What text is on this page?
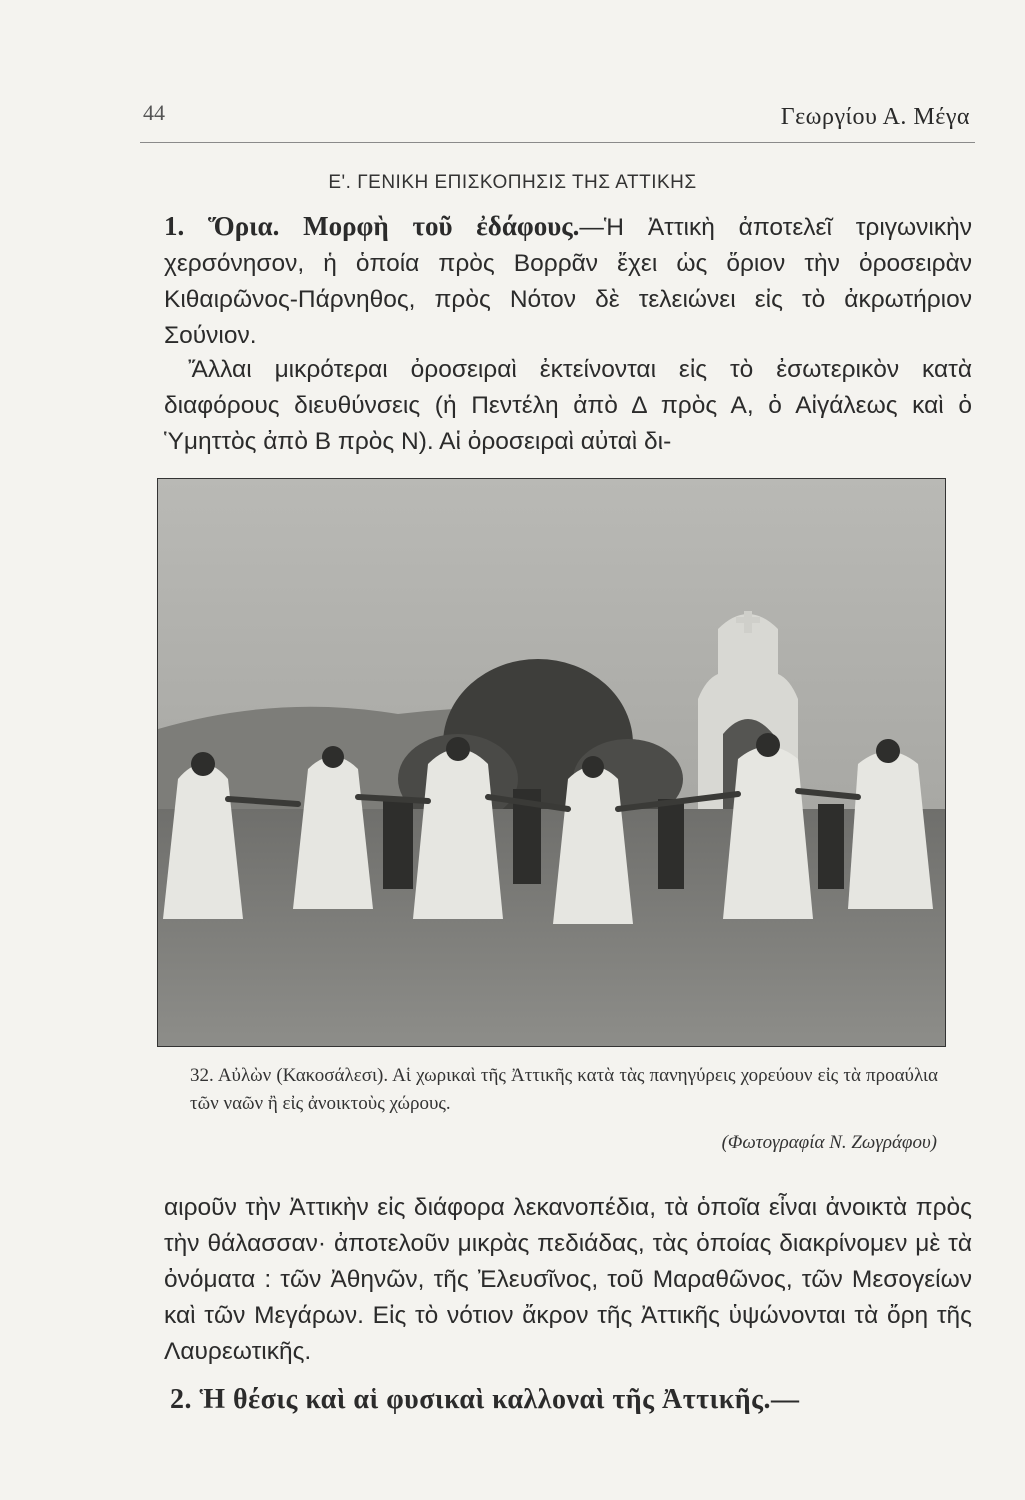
44	Γεωργίου Α. Μέγα
Ε'. ΓΕΝΙΚΗ ΕΠΙΣΚΟΠΗΣΙΣ ΤΗΣ ΑΤΤΙΚΗΣ
1. Ὅρια. Μορφὴ τοῦ ἐδάφους.—Ἡ Ἀττικὴ ἀποτελεῖ τριγωνικὴν χερσόνησον, ἡ ὁποία πρὸς Βορρᾶν ἔχει ὡς ὅριον τὴν ὀροσειρὰν Κιθαιρῶνος-Πάρνηθος, πρὸς Νότον δὲ τελειώνει εἰς τὸ ἀκρωτήριον Σούνιον.
Ἄλλαι μικρότεραι ὀροσειραὶ ἐκτείνονται εἰς τὸ ἐσωτερικὸν κατὰ διαφόρους διευθύνσεις (ἡ Πεντέλη ἀπὸ Δ πρὸς Α, ὁ Αἰγάλεως καὶ ὁ Ὑμηττὸς ἀπὸ Β πρὸς Ν). Αἱ ὀροσειραὶ αὐταὶ δι-
32. Αὐλὼν (Κακοσάλεσι). Αἱ χωρικαὶ τῆς Ἀττικῆς κατὰ τὰς πανηγύρεις χορεύουν εἰς τὰ προαύλια τῶν ναῶν ἢ εἰς ἀνοικτοὺς χώρους.
(Φωτογραφία Ν. Ζωγράφου)
αιροῦν τὴν Ἀττικὴν εἰς διάφορα λεκανοπέδια, τὰ ὁποῖα εἶναι ἀνοικτὰ πρὸς τὴν θάλασσαν· ἀποτελοῦν μικρὰς πεδιάδας, τὰς ὁποίας διακρίνομεν μὲ τὰ ὀνόματα : τῶν Ἀθηνῶν, τῆς Ἐλευσῖνος, τοῦ Μαραθῶνος, τῶν Μεσογείων καὶ τῶν Μεγάρων. Εἰς τὸ νότιον ἄκρον τῆς Ἀττικῆς ὑψώνονται τὰ ὄρη τῆς Λαυρεωτικῆς.
2. Ἡ θέσις καὶ αἱ φυσικαὶ καλλοναὶ τῆς Ἀττικῆς.—
